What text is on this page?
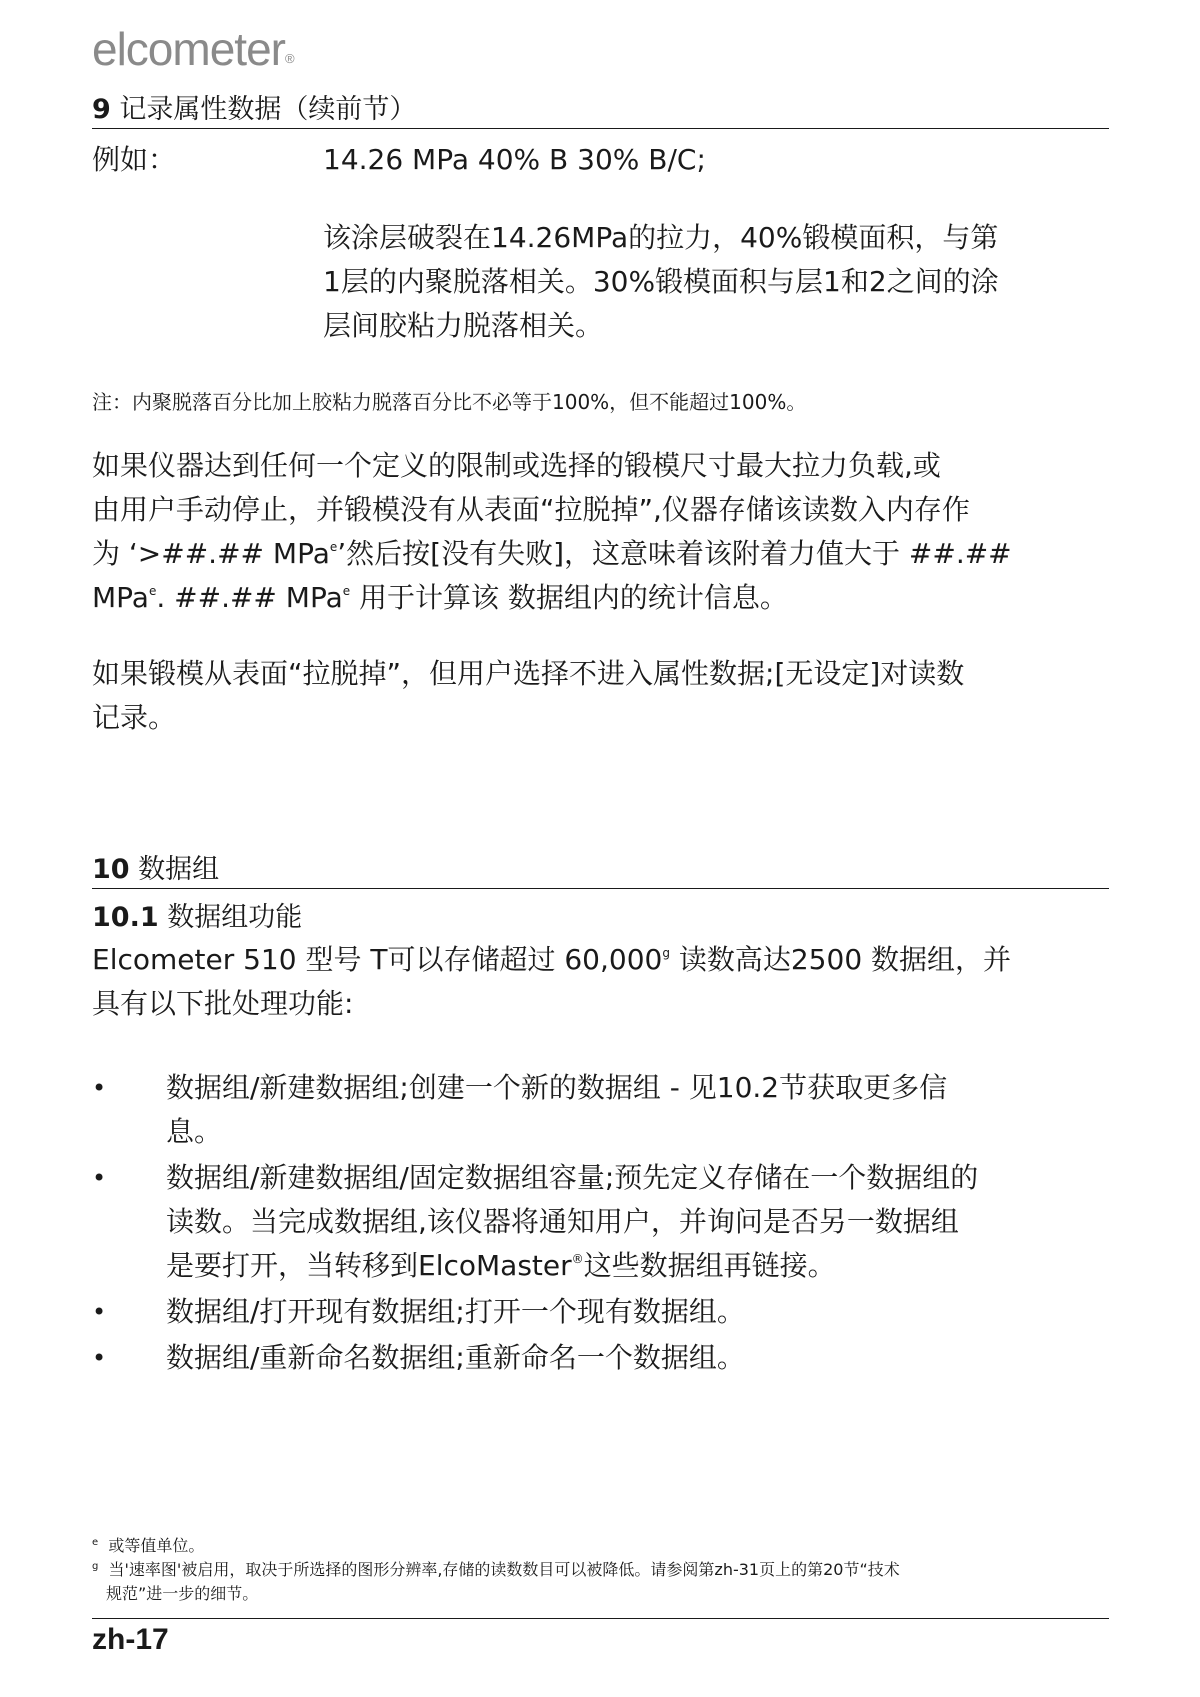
elcometer®
9 记录属性数据（续前节）
例如：	14.26 MPa 40% B 30% B/C;
该涂层破裂在14.26MPa的拉力，40%锻模面积，与第
1层的内聚脱落相关。30%锻模面积与层1和2之间的涂
层间胶粘力脱落相关。
注：内聚脱落百分比加上胶粘力脱落百分比不必等于100%，但不能超过100%。
如果仪器达到任何一个定义的限制或选择的锻模尺寸最大拉力负载,或
由用户手动停止，并锻模没有从表面“拉脱掉”,仪器存储该读数入内存作
为 ‘>##.## MPa$^e$’然后按[没有失败]，这意味着该附着力值大于 ##.##
MPa$^e$. ##.## MPa$^e$ 用于计算该 数据组内的统计信息。
如果锻模从表面“拉脱掉”，但用户选择不进入属性数据;[无设定]对读数
记录。
10 数据组
10.1 数据组功能
Elcometer 510 型号 T可以存储超过 60,000$^g$ 读数高达2500 数据组，并
具有以下批处理功能:
• 数据组/新建数据组;创建一个新的数据组 - 见10.2节获取更多信
息。
• 数据组/新建数据组/固定数据组容量;预先定义存储在一个数据组的
读数。当完成数据组,该仪器将通知用户，并询问是否另一数据组
是要打开，当转移到ElcoMaster®这些数据组再链接。
• 数据组/打开现有数据组;打开一个现有数据组。
• 数据组/重新命名数据组;重新命名一个数据组。
$^e$ 或等值单位。
$^g$ 当'速率图'被启用，取决于所选择的图形分辨率,存储的读数数目可以被降低。请参阅第zh-31页上的第20节“技术
规范”进一步的细节。
zh-17
